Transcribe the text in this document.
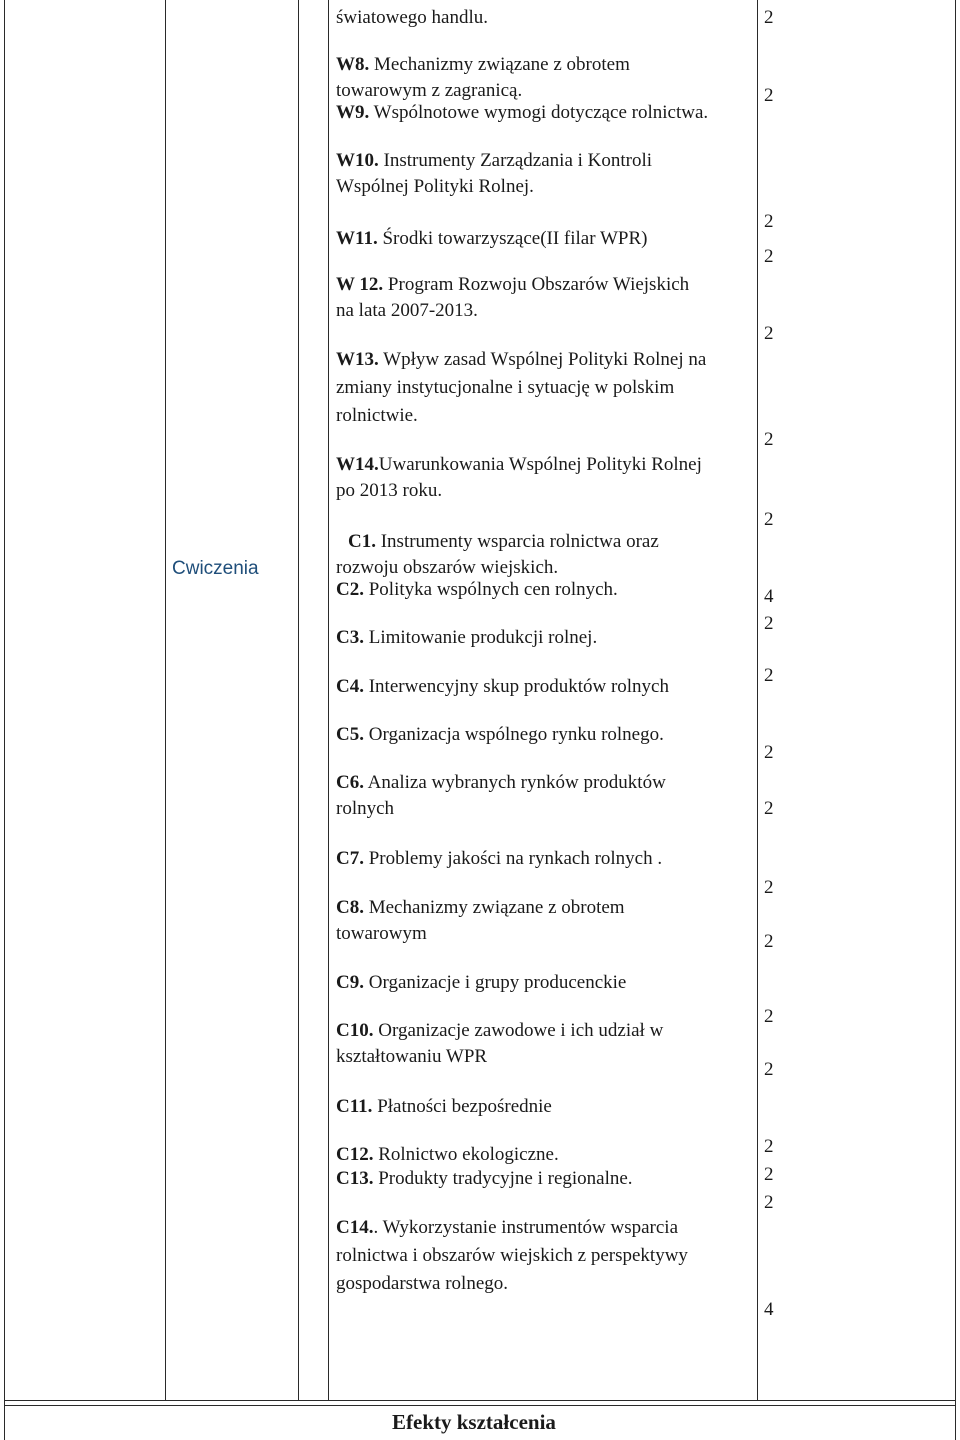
Cwiczenia
światowego handlu.
W8. Mechanizmy związane z obrotem
towarowym z zagranicą.
W9. Wspólnotowe wymogi dotyczące rolnictwa.
W10. Instrumenty Zarządzania i Kontroli
Wspólnej Polityki Rolnej.
W11. Środki towarzyszące(II filar WPR)
W 12. Program Rozwoju Obszarów Wiejskich
na lata 2007-2013.
W13. Wpływ zasad Wspólnej Polityki Rolnej na
zmiany instytucjonalne i sytuację w polskim
rolnictwie.
W14.Uwarunkowania Wspólnej Polityki Rolnej
po 2013 roku.
C1. Instrumenty wsparcia rolnictwa oraz
rozwoju obszarów wiejskich.
C2. Polityka wspólnych cen rolnych.
C3. Limitowanie produkcji rolnej.
C4. Interwencyjny skup produktów rolnych
C5. Organizacja wspólnego rynku rolnego.
C6. Analiza wybranych rynków produktów
rolnych
C7. Problemy jakości na rynkach rolnych .
C8. Mechanizmy związane z obrotem
towarowym
C9. Organizacje i grupy producenckie
C10. Organizacje zawodowe i ich udział w
kształtowaniu WPR
C11. Płatności bezpośrednie
C12. Rolnictwo ekologiczne.
C13. Produkty tradycyjne i regionalne.
C14.. Wykorzystanie instrumentów wsparcia
rolnictwa i obszarów wiejskich z perspektywy
gospodarstwa rolnego.
2
2
2
2
2
2
2
4
2
2
2
2
2
2
2
2
2
2
2
4
Efekty kształcenia
